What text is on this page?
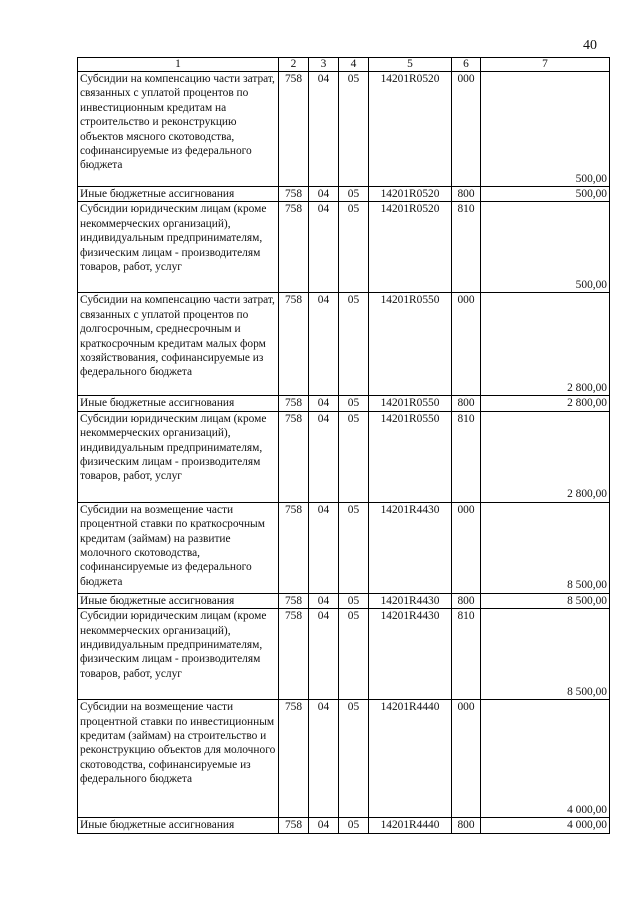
40
1	2	3	4	5	6	7
Субсидии на компенсацию части затрат, связанных с уплатой процентов по инвестиционным кредитам на строительство и реконструкцию объектов мясного скотоводства, софинансируемые из федерального бюджета	758	04	05	14201R0520	000	500,00
Иные бюджетные ассигнования	758	04	05	14201R0520	800	500,00
Субсидии юридическим лицам (кроме некоммерческих организаций), индивидуальным предпринимателям, физическим лицам - производителям товаров, работ, услуг	758	04	05	14201R0520	810	500,00
Субсидии на компенсацию части затрат, связанных с уплатой процентов по долгосрочным, среднесрочным и краткосрочным кредитам малых форм хозяйствования, софинансируемые из федерального бюджета	758	04	05	14201R0550	000	2 800,00
Иные бюджетные ассигнования	758	04	05	14201R0550	800	2 800,00
Субсидии юридическим лицам (кроме некоммерческих организаций), индивидуальным предпринимателям, физическим лицам - производителям товаров, работ, услуг	758	04	05	14201R0550	810	2 800,00
Субсидии на возмещение части процентной ставки по краткосрочным кредитам (займам) на развитие молочного скотоводства, софинансируемые из федерального бюджета	758	04	05	14201R4430	000	8 500,00
Иные бюджетные ассигнования	758	04	05	14201R4430	800	8 500,00
Субсидии юридическим лицам (кроме некоммерческих организаций), индивидуальным предпринимателям, физическим лицам - производителям товаров, работ, услуг	758	04	05	14201R4430	810	8 500,00
Субсидии на возмещение части процентной ставки по инвестиционным кредитам (займам) на строительство и реконструкцию объектов для молочного скотоводства, софинансируемые из федерального бюджета	758	04	05	14201R4440	000	4 000,00
Иные бюджетные ассигнования	758	04	05	14201R4440	800	4 000,00
